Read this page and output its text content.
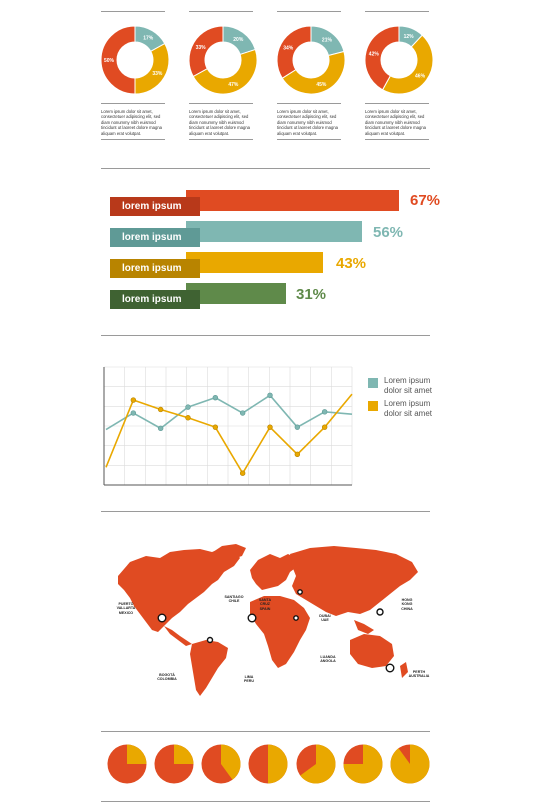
17%
33%
50%
20%
47%
33%
21%
45%
34%
12%
46%
42%
Lorem ipsum dolor sit amet,
consectetuer adipiscing elit, sed
diam nonummy nibh euismod
tincidunt ut laoreet dolore magna
aliquam erat volutpat.
Lorem ipsum dolor sit amet,
consectetuer adipiscing elit, sed
diam nonummy nibh euismod
tincidunt ut laoreet dolore magna
aliquam erat volutpat.
Lorem ipsum dolor sit amet,
consectetuer adipiscing elit, sed
diam nonummy nibh euismod
tincidunt ut laoreet dolore magna
aliquam erat volutpat.
Lorem ipsum dolor sit amet,
consectetuer adipiscing elit, sed
diam nonummy nibh euismod
tincidunt ut laoreet dolore magna
aliquam erat volutpat.
lorem ipsum	67%
lorem ipsum	56%
lorem ipsum	43%
lorem ipsum	31%
Lorem ipsum dolor sit amet
Lorem ipsum dolor sit amet
PUERTO
VALLARTA
MEXICO
BOGOTÁ
COLOMBIA
SANTIAGO
CHILE
LIMA
PERU
SANTA
CRUZ
SPAIN
LUANDA
ANGOLA
DUBAI
UAE
HONG
KONG
CHINA
PERTH
AUSTRALIA
